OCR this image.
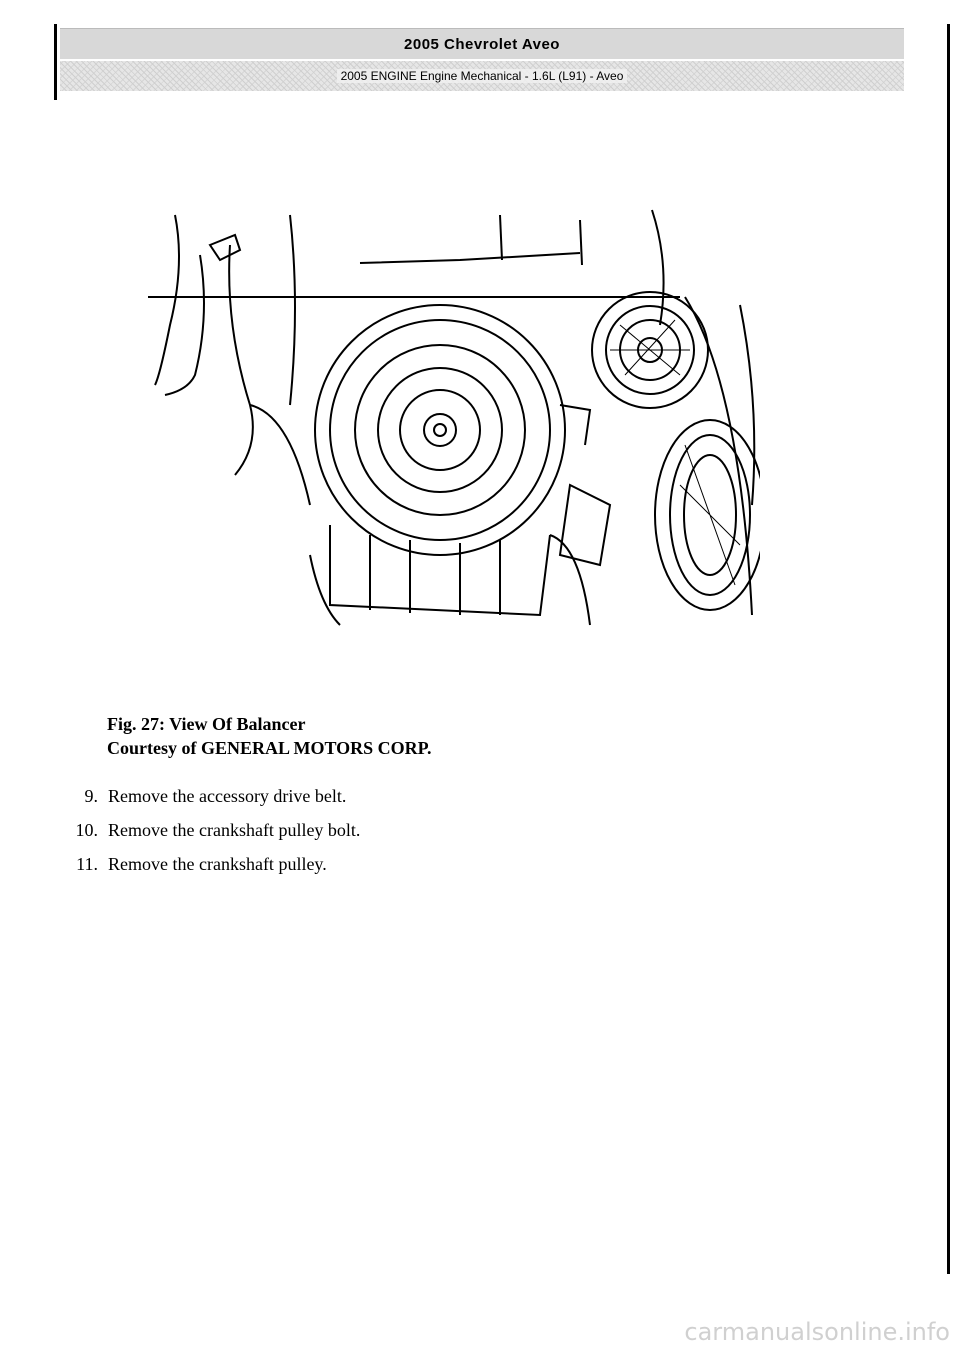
2005 Chevrolet Aveo
2005 ENGINE Engine Mechanical - 1.6L (L91) - Aveo
Fig. 27: View Of Balancer
Courtesy of GENERAL MOTORS CORP.
9. Remove the accessory drive belt.
10. Remove the crankshaft pulley bolt.
11. Remove the crankshaft pulley.
carmanualsonline.info
